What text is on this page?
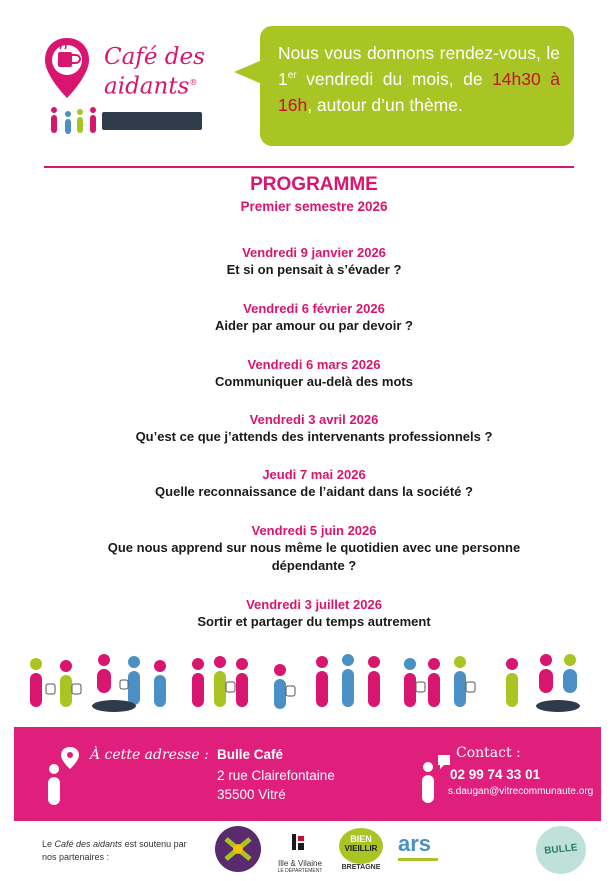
Café des
aidants®
Nous vous donnons rendez-vous, le 1er vendredi du mois, de 14h30 à 16h, autour d’un thème.
PROGRAMME
Premier semestre 2026
Vendredi 9 janvier 2026
Et si on pensait à s’évader ?
Vendredi 6 février 2026
Aider par amour ou par devoir ?
Vendredi 6 mars 2026
Communiquer au-delà des mots
Vendredi 3 avril 2026
Qu’est ce que j’attends des intervenants professionnels ?
Jeudi 7 mai 2026
Quelle reconnaissance de l’aidant dans la société ?
Vendredi 5 juin 2026
Que nous apprend sur nous même le quotidien avec une personne dépendante ?
Vendredi 3 juillet 2026
Sortir et partager du temps autrement
À cette adresse : Bulle Café
2 rue Clairefontaine
35500 Vitré
Contact :
02 99 74 33 01
s.daugan@vitrecommunaute.org
Le Café des aidants est soutenu par nos partenaires :
Ille & Vilaine
LE DÉPARTEMENT
BIEN
VIEILLIR
BRETAGNE
ars	BULLE
